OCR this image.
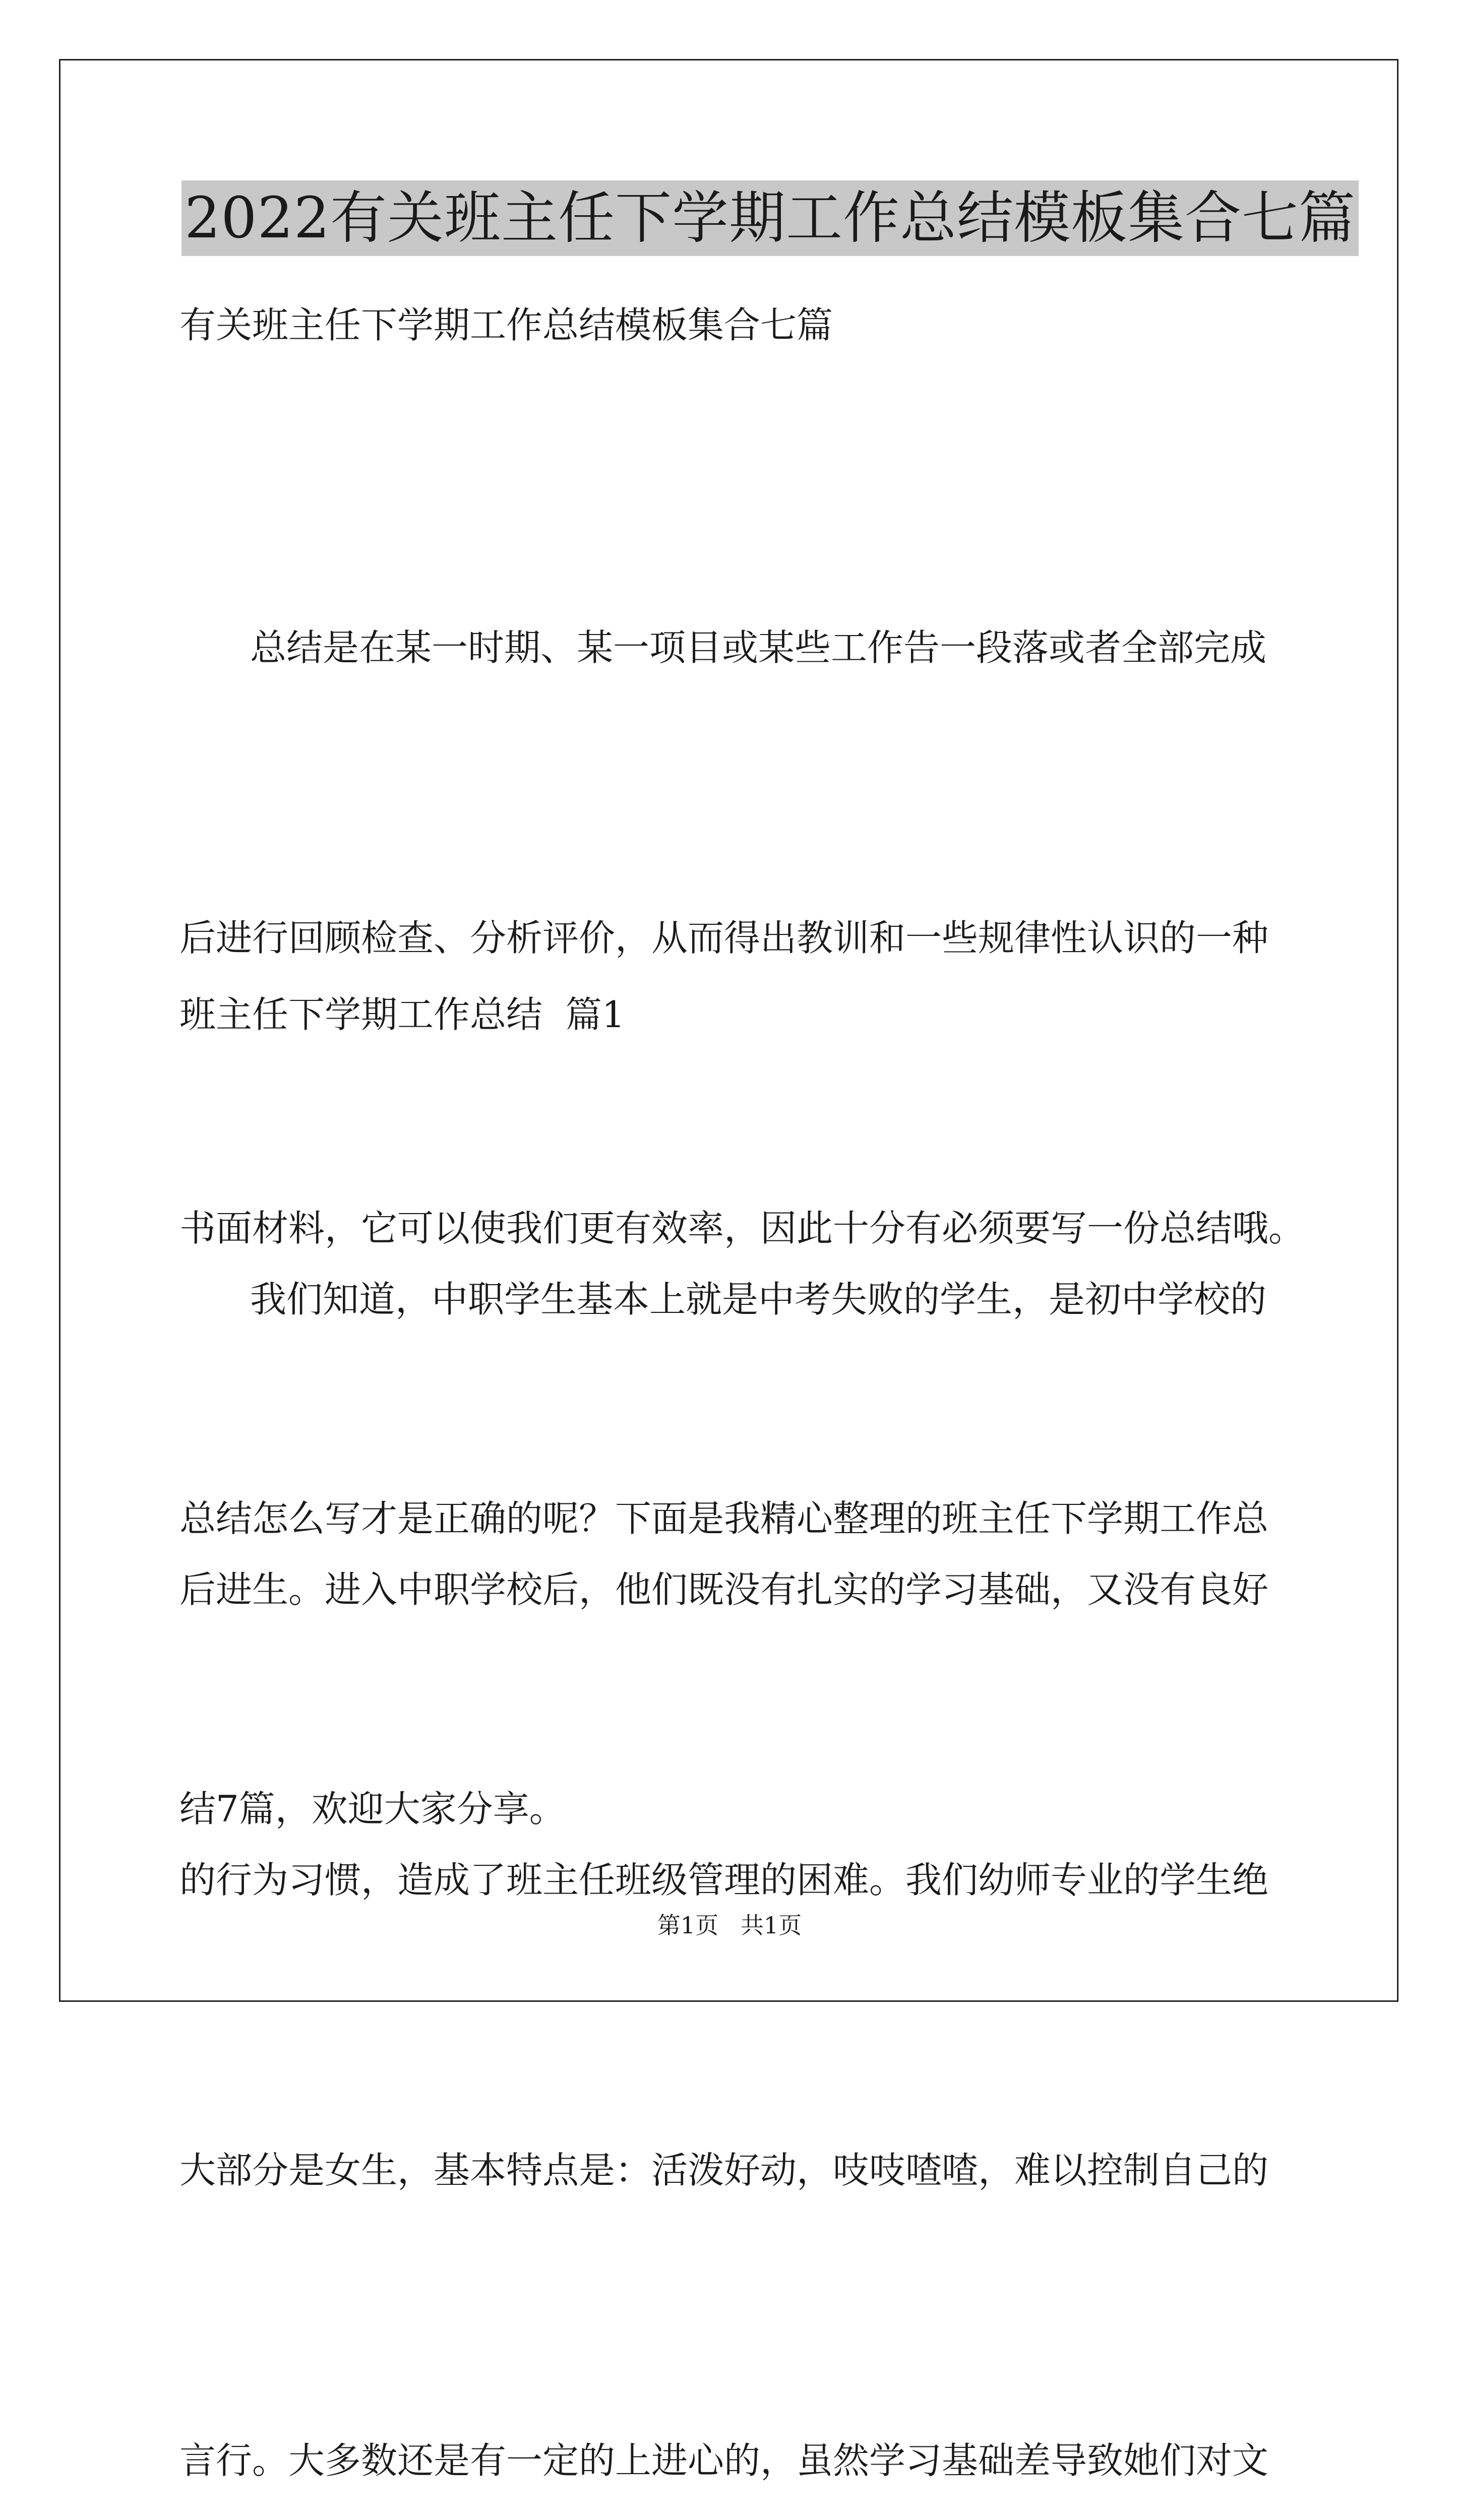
2022有关班主任下学期工作总结模板集合七篇

有关班主任下学期工作总结模板集合七篇

总结是在某一时期、某一项目或某些工作告一段落或者全部完成

后进行回顾检查、分析评价，从而得出教训和一些规律性认识的一种

书面材料，它可以使我们更有效率，因此十分有必须要写一份总结哦。

总结怎么写才是正确的呢？下面是我精心整理的班主任下学期工作总

结7篇，欢迎大家分享。

班主任下学期工作总结  篇1

我们知道，中职学生基本上就是中考失败的学生，是初中学校的

后进生。进入中职学校后，他们既没有扎实的学习基础，又没有良好

的行为习惯，造成了班主任班级管理的困难。我们幼师专业的学生绝

大部分是女生，基本特点是：活泼好动，吱吱喳喳，难以控制自己的

言行。大多数还是有一定的上进心的，虽然学习基础差导致她们对文

第1页   共1页
